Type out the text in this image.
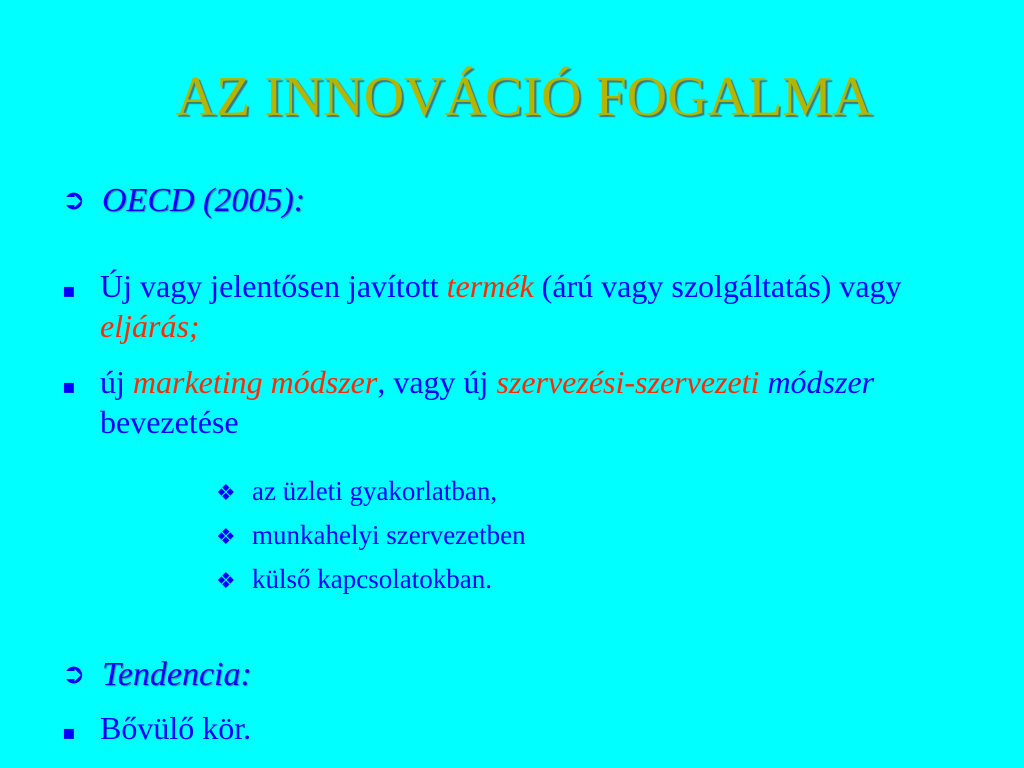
AZ INNOVÁCIÓ FOGALMA
➲ OECD (2005):
▪ Új vagy jelentősen javított termék (árú vagy szolgáltatás) vagy eljárás;
▪ új marketing módszer, vagy új szervezési-szervezeti módszer bevezetése
❖ az üzleti gyakorlatban,
❖ munkahelyi szervezetben
❖ külső kapcsolatokban.
➲ Tendencia:
▪ Bővülő kör.
